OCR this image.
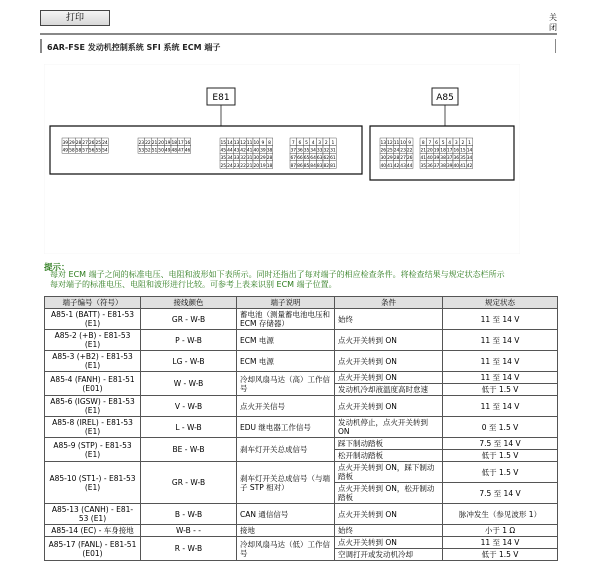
打印	关闭
6AR-FSE 发动机控制系统 SFI 系统 ECM 端子
E81	A85
39 29 28 27 26 25 24
49 58 58 57 56 55 54
23 22 21 20 19 18 17 16
53 52 51 50 49 48 47 46
15 14 13 12 11 10 9 8
45 44 43 42 41 40 39 38
35 34 33 32 31 30 29 28
25 24 23 22 21 20 19 18
7 6 5 4 3 2 1
37 36 35 34 33 32 31
67 66 65 64 63 62 61
87 86 85 84 83 82 81
13 12 11 10 9
26 25 24 23 22
30 29 28 27 26
40 41 42 43 44
8 7 6 5 4 3 2 1
21 20 19 18 17 16 15 14
41 40 39 38 37 36 35 34
35 36 37 38 39 40 41 42
提示：
每对 ECM 端子之间的标准电压、电阻和波形如下表所示。同时还指出了每对端子的相应检查条件。将检查结果与规定状态栏所示
每对端子的标准电压、电阻和波形进行比较。可参考上表来识别 ECM 端子位置。
端子编号（符号）	接线颜色	端子说明	条件	规定状态
A85-1 (BATT) - E81-53 (E1)	GR - W-B	蓄电池（测量蓄电池电压和 ECM 存储器）	始终	11 至 14 V
A85-2 (+B) - E81-53 (E1)	P - W-B	ECM 电源	点火开关转到 ON	11 至 14 V
A85-3 (+B2) - E81-53 (E1)	LG - W-B	ECM 电源	点火开关转到 ON	11 至 14 V
A85-4 (FANH) - E81-51 (E01)	W - W-B	冷却风扇马达（高）工作信号	点火开关转到 ON	11 至 14 V
			发动机冷却液温度高时怠速	低于 1.5 V
A85-6 (IGSW) - E81-53 (E1)	V - W-B	点火开关信号	点火开关转到 ON	11 至 14 V
A85-8 (IREL) - E81-53 (E1)	L - W-B	EDU 继电器工作信号	发动机停止，点火开关转到 ON	0 至 1.5 V
A85-9 (STP) - E81-53 (E1)	BE - W-B	刹车灯开关总成信号	踩下制动踏板	7.5 至 14 V
			松开制动踏板	低于 1.5 V
A85-10 (ST1-) - E81-53 (E1)	GR - W-B	刹车灯开关总成信号（与端子 STP 相对）	点火开关转到 ON，踩下制动踏板	低于 1.5 V
			点火开关转到 ON，松开制动踏板	7.5 至 14 V
A85-13 (CANH) - E81-53 (E1)	B - W-B	CAN 通信信号	点火开关转到 ON	脉冲发生（参见波形 1）
A85-14 (EC) - 车身接地	W-B - -	接地	始终	小于 1 Ω
A85-17 (FANL) - E81-51 (E01)	R - W-B	冷却风扇马达（低）工作信号	点火开关转到 ON	11 至 14 V
			空调打开或发动机冷却	低于 1.5 V
